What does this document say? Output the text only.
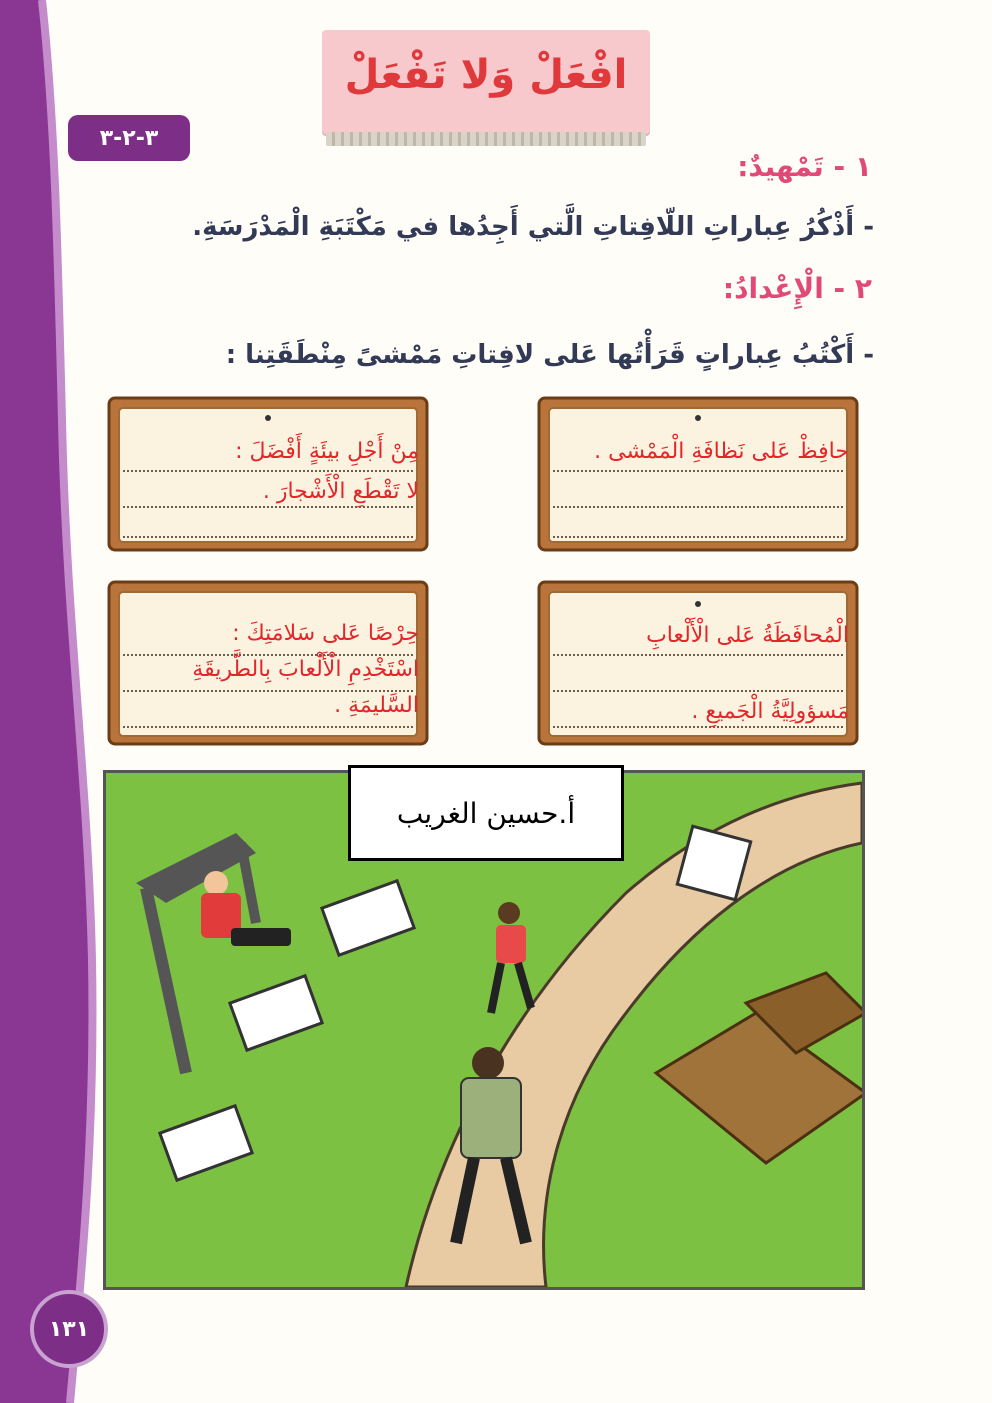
افْعَلْ وَلا تَفْعَلْ
٣-٢-٣
١ - تَمْهيدٌ:
- أَذْكُرُ عِباراتِ اللّافِتاتِ الَّتي أَجِدُها في مَكْتَبَةِ الْمَدْرَسَةِ.
٢ - الْإِعْدادُ:
- أَكْتُبُ عِباراتٍ قَرَأْتُها عَلى لافِتاتِ مَمْشىً مِنْطَقَتِنا :
حافِظْ عَلى نَظافَةِ الْمَمْشى .
مِنْ أَجْلِ بيئَةٍ أَفْضَلَ :
لا تَقْطَعِ الْأَشْجارَ .
الْمُحافَظَةُ عَلى الْأَلْعابِ
مَسؤولِيَّةُ الْجَميعِ .
حِرْصًا عَلى سَلامَتِكَ :
اسْتَخْدِمِ الْأَلْعابَ بِالطَّريقَةِ
السَّليمَةِ .
أ.حسين الغريب
١٣١
